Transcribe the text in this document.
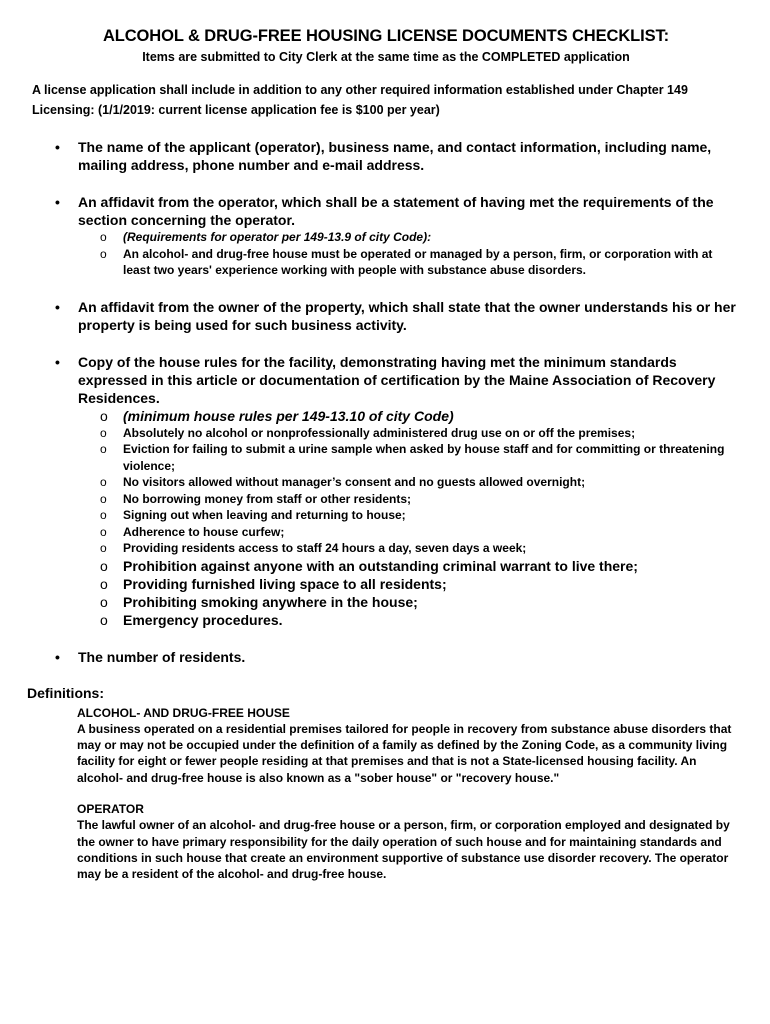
ALCOHOL & DRUG-FREE HOUSING LICENSE DOCUMENTS CHECKLIST:
Items are submitted to City Clerk at the same time as the COMPLETED application
A license application shall include in addition to any other required information established under Chapter 149 Licensing: (1/1/2019: current license application fee is $100 per year)
• The name of the applicant (operator), business name, and contact information, including name, mailing address, phone number and e-mail address.
• An affidavit from the operator, which shall be a statement of having met the requirements of the section concerning the operator.
o (Requirements for operator per 149-13.9 of city Code):
o An alcohol- and drug-free house must be operated or managed by a person, firm, or corporation with at least two years' experience working with people with substance abuse disorders.
• An affidavit from the owner of the property, which shall state that the owner understands his or her property is being used for such business activity.
• Copy of the house rules for the facility, demonstrating having met the minimum standards expressed in this article or documentation of certification by the Maine Association of Recovery Residences.
o (minimum house rules per 149-13.10 of city Code)
o Absolutely no alcohol or nonprofessionally administered drug use on or off the premises;
o Eviction for failing to submit a urine sample when asked by house staff and for committing or threatening violence;
o No visitors allowed without manager’s consent and no guests allowed overnight;
o No borrowing money from staff or other residents;
o Signing out when leaving and returning to house;
o Adherence to house curfew;
o Providing residents access to staff 24 hours a day, seven days a week;
o Prohibition against anyone with an outstanding criminal warrant to live there;
o Providing furnished living space to all residents;
o Prohibiting smoking anywhere in the house;
o Emergency procedures.
• The number of residents.
Definitions:
ALCOHOL- AND DRUG-FREE HOUSE
A business operated on a residential premises tailored for people in recovery from substance abuse disorders that may or may not be occupied under the definition of a family as defined by the Zoning Code, as a community living facility for eight or fewer people residing at that premises and that is not a State-licensed housing facility. An alcohol- and drug-free house is also known as a "sober house" or "recovery house."
OPERATOR
The lawful owner of an alcohol- and drug-free house or a person, firm, or corporation employed and designated by the owner to have primary responsibility for the daily operation of such house and for maintaining standards and conditions in such house that create an environment supportive of substance use disorder recovery. The operator may be a resident of the alcohol- and drug-free house.
